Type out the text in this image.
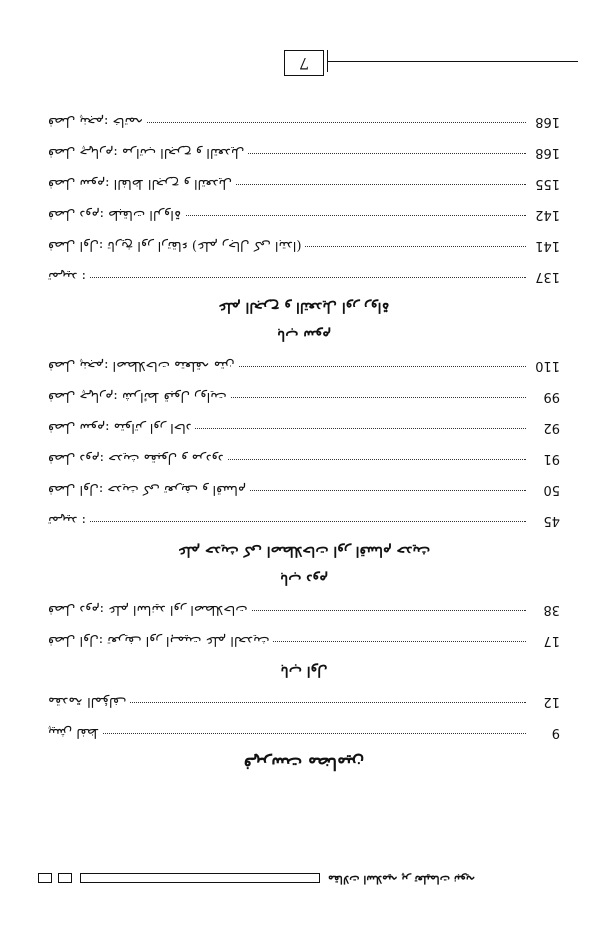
مقالات اسلامیہ پر تعلیمات نبویہ
7
فہرست مضامین
9
پیش لفظ
12
مقدمۃ المؤلف
باب اول
17
فصل اول: تعریف اور اہمیت علم الحدیث
38
فصل دوم: علم اسانید اور اصطلاحات
باب دوم
علم حدیث کی اصطلاحات اور اقسام حدیث
45
تمہید :
50
فصل اول: حدیث کی تعریف و اقسام
91
فصل دوم: حدیث مقبول و مردود
92
فصل سوم: متواتر اور احاد
99
فصل چہارم: شرائط قبول روایت
110
فصل پنجم: اصطلاحات متعلقہ متن
باب سوم
علم الجرح و التعدیل اور رواۃ
137
تمہید :
141
فصل اول: تاریخ اور ارتقاء (علم رجال کی ابتدا)
142
فصل دوم: طبقات الرواۃ
155
فصل سوم: الفاظ الجرح و التعدیل
168
فصل چہارم: مراتب الجرح و التعدیل
168
فصل پنجم: خاتمہ
